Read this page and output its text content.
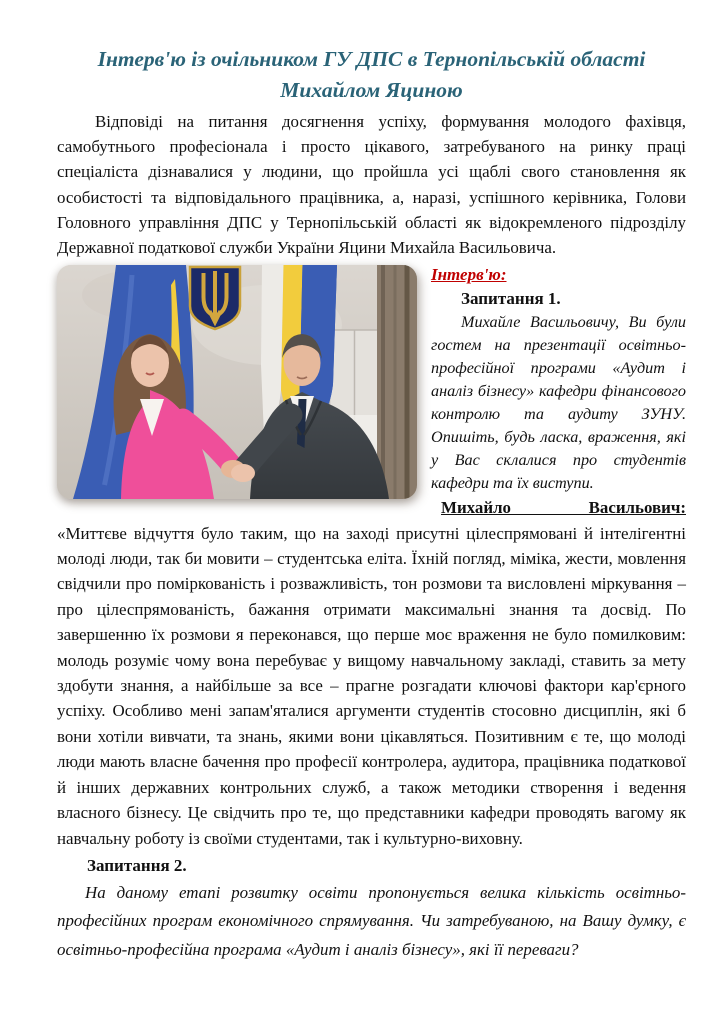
Інтерв'ю із очільником ГУ ДПС в Тернопільській області Михайлом Яциною

Відповіді на питання досягнення успіху, формування молодого фахівця, самобутнього професіонала і просто цікавого, затребуваного на ринку праці спеціаліста дізнавалися у людини, що пройшла усі щаблі свого становлення як особистості та відповідального працівника, а, наразі, успішного керівника, Голови Головного управління ДПС у Тернопільській області як відокремленого підрозділу Державної податкової служби України Яцини Михайла Васильовича.

Інтерв'ю:

Запитання 1.

Михайле Васильовичу, Ви були гостем на презентації освітньо-професійної програми «Аудит і аналіз бізнесу» кафедри фінансового контролю та аудиту ЗУНУ. Опишіть, будь ласка, враження, які у Вас склалися про студентів кафедри та їх виступи.

Михайло Васильович: «Миттєве відчуття було таким, що на заході присутні цілеспрямовані й інтелігентні молоді люди, так би мовити – студентська еліта. Їхній погляд, міміка, жести, мовлення свідчили про поміркованість і розважливість, тон розмови та висловлені міркування – про цілеспрямованість, бажання отримати максимальні знання та досвід. По завершенню їх розмови я переконався, що перше моє враження не було помилковим: молодь розуміє чому вона перебуває у вищому навчальному закладі, ставить за мету здобути знання, а найбільше за все – прагне розгадати ключові фактори кар'єрного успіху. Особливо мені запам'яталися аргументи студентів стосовно дисциплін, які б вони хотіли вивчати, та знань, якими вони цікавляться. Позитивним є те, що молоді люди мають власне бачення про професії контролера, аудитора, працівника податкової й інших державних контрольних служб, а також методики створення і ведення власного бізнесу. Це свідчить про те, що представники кафедри проводять вагому як навчальну роботу із своїми студентами, так і культурно-виховну.

Запитання 2.

На даному етапі розвитку освіти пропонується велика кількість освітньо-професійних програм економічного спрямування. Чи затребуваною, на Вашу думку, є освітньо-професійна програма «Аудит і аналіз бізнесу», які її переваги?
